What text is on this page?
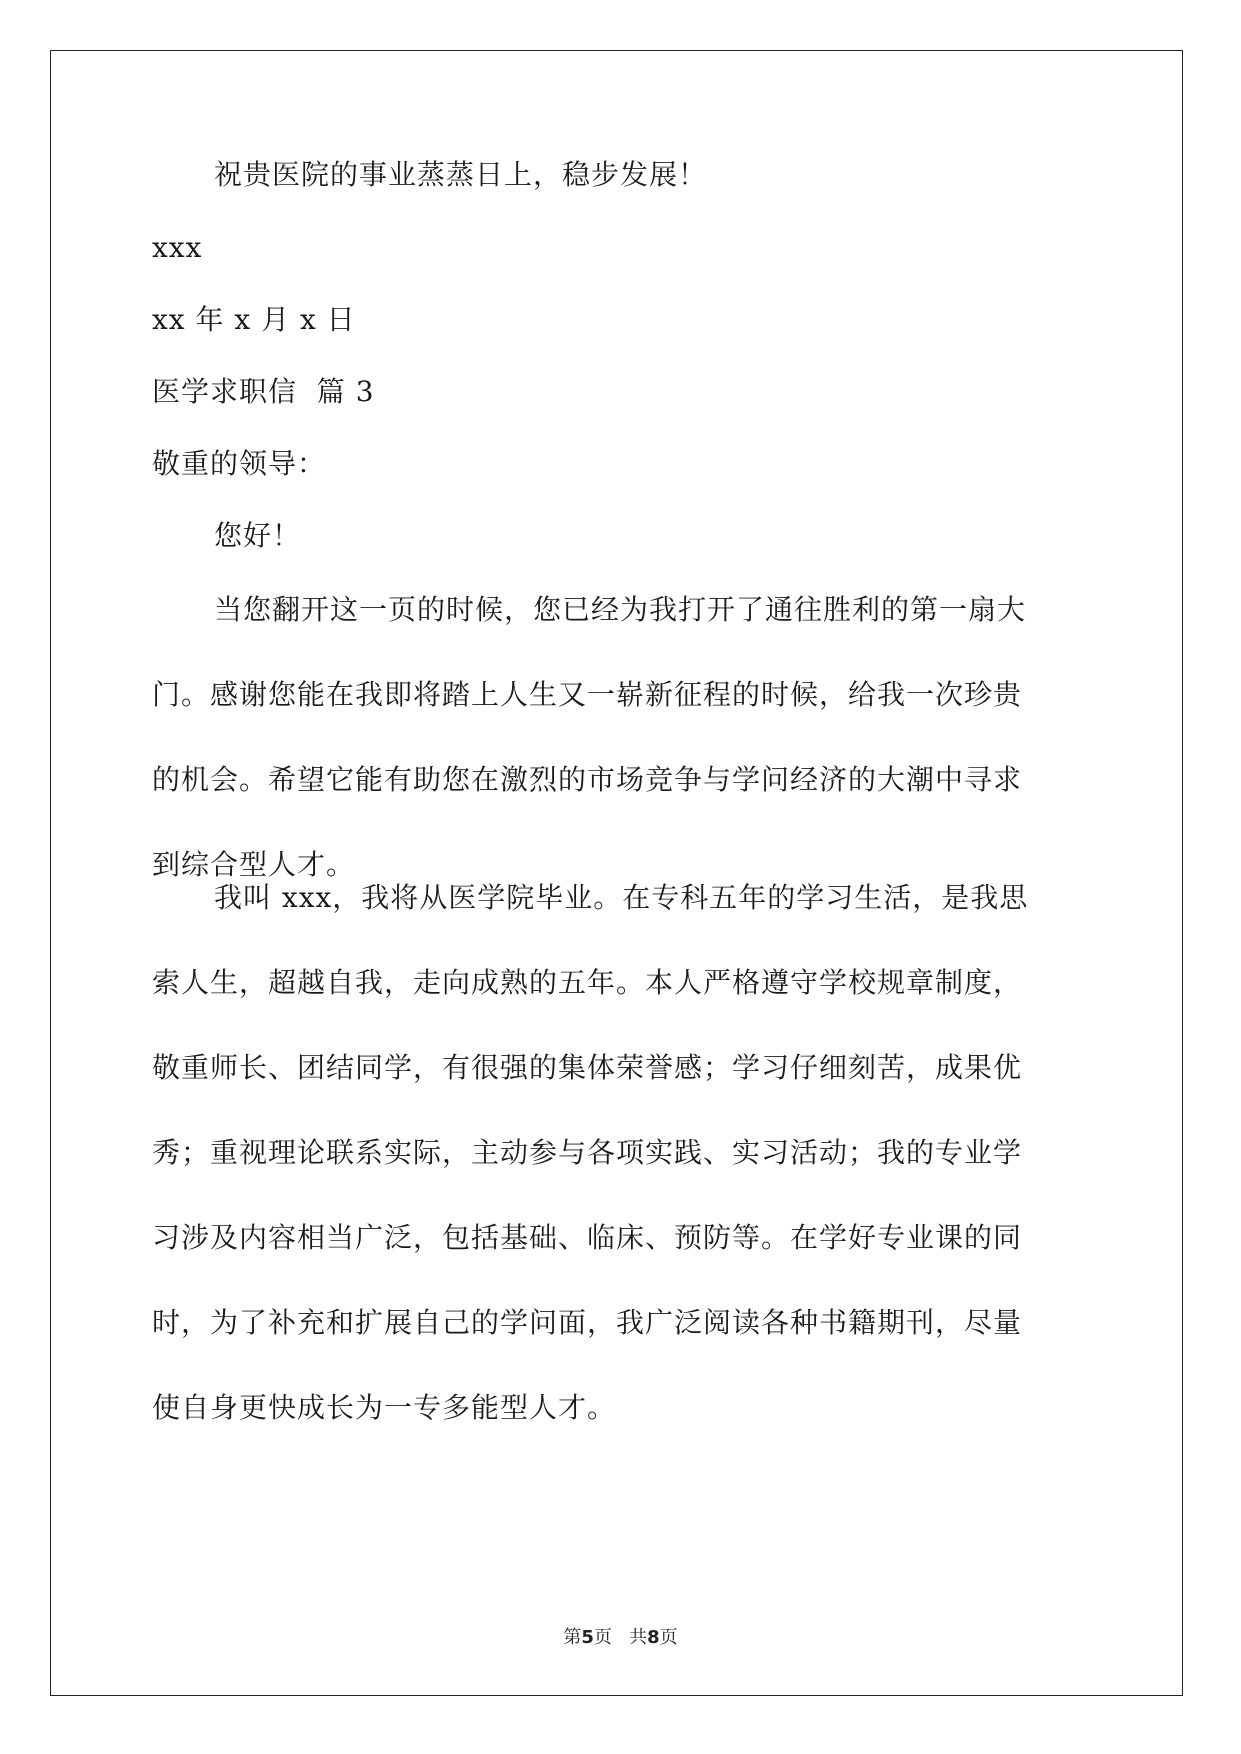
祝贵医院的事业蒸蒸日上，稳步发展！
xxx
xx 年 x 月 x 日
医学求职信  篇 3
敬重的领导：
您好！
当您翻开这一页的时候，您已经为我打开了通往胜利的第一扇大
门。感谢您能在我即将踏上人生又一崭新征程的时候，给我一次珍贵
的机会。希望它能有助您在激烈的市场竞争与学问经济的大潮中寻求
到综合型人才。
我叫 xxx，我将从医学院毕业。在专科五年的学习生活，是我思
索人生，超越自我，走向成熟的五年。本人严格遵守学校规章制度，
敬重师长、团结同学，有很强的集体荣誉感；学习仔细刻苦，成果优
秀；重视理论联系实际，主动参与各项实践、实习活动；我的专业学
习涉及内容相当广泛，包括基础、临床、预防等。在学好专业课的同
时，为了补充和扩展自己的学问面，我广泛阅读各种书籍期刊，尽量
使自身更快成长为一专多能型人才。
第5页   共8页
